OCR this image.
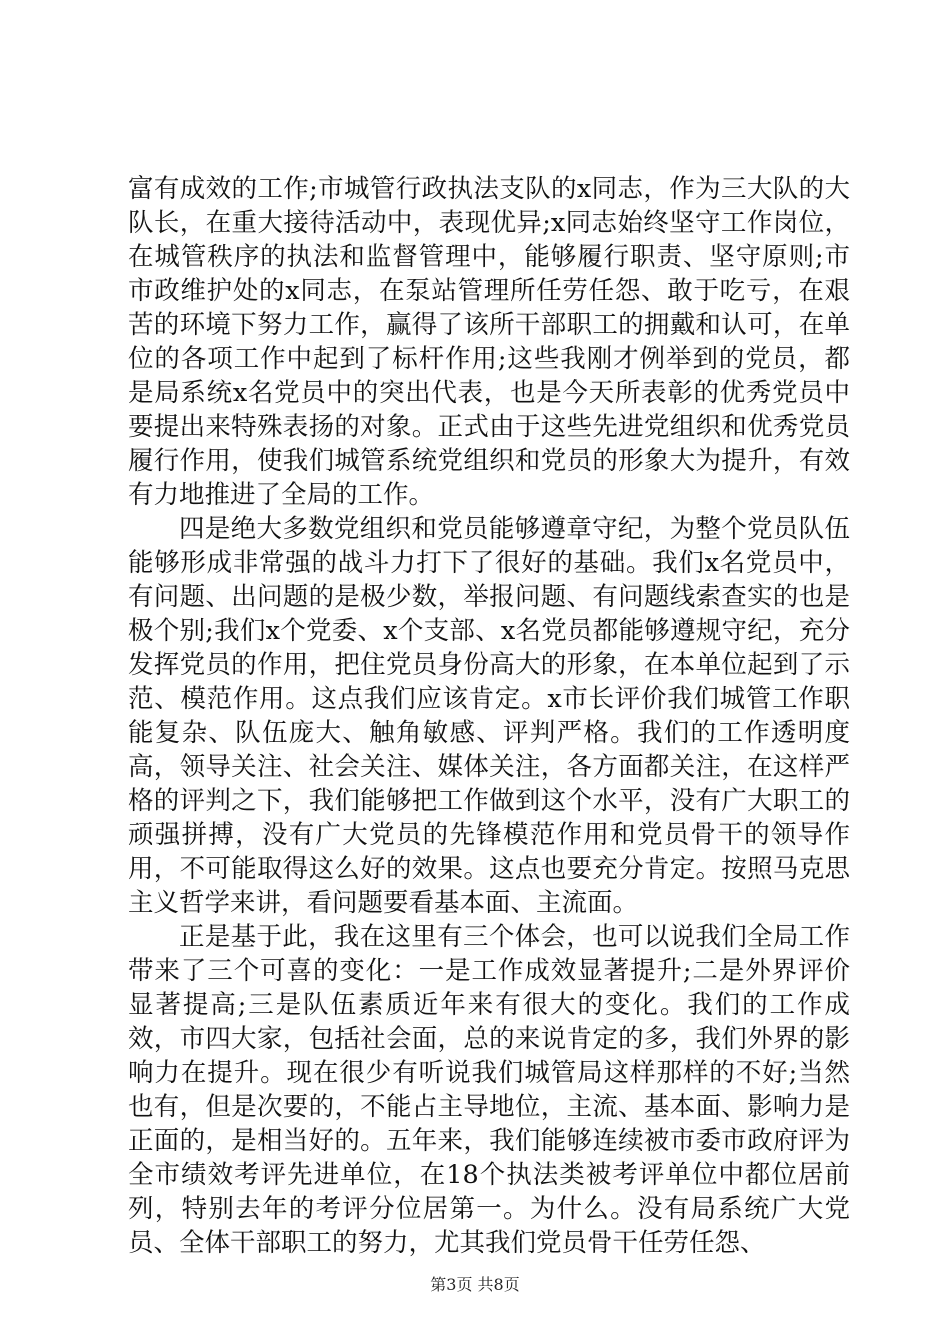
富有成效的工作;市城管行政执法支队的x同志，作为三大队的大队长，在重大接待活动中，表现优异;x同志始终坚守工作岗位，在城管秩序的执法和监督管理中，能够履行职责、坚守原则;市市政维护处的x同志，在泵站管理所任劳任怨、敢于吃亏，在艰苦的环境下努力工作，赢得了该所干部职工的拥戴和认可，在单位的各项工作中起到了标杆作用;这些我刚才例举到的党员，都是局系统x名党员中的突出代表，也是今天所表彰的优秀党员中要提出来特殊表扬的对象。正式由于这些先进党组织和优秀党员履行作用，使我们城管系统党组织和党员的形象大为提升，有效有力地推进了全局的工作。

四是绝大多数党组织和党员能够遵章守纪，为整个党员队伍能够形成非常强的战斗力打下了很好的基础。我们x名党员中，有问题、出问题的是极少数，举报问题、有问题线索查实的也是极个别;我们x个党委、x个支部、x名党员都能够遵规守纪，充分发挥党员的作用，把住党员身份高大的形象，在本单位起到了示范、模范作用。这点我们应该肯定。x市长评价我们城管工作职能复杂、队伍庞大、触角敏感、评判严格。我们的工作透明度高，领导关注、社会关注、媒体关注，各方面都关注，在这样严格的评判之下，我们能够把工作做到这个水平，没有广大职工的顽强拼搏，没有广大党员的先锋模范作用和党员骨干的领导作用，不可能取得这么好的效果。这点也要充分肯定。按照马克思主义哲学来讲，看问题要看基本面、主流面。

正是基于此，我在这里有三个体会，也可以说我们全局工作带来了三个可喜的变化：一是工作成效显著提升;二是外界评价显著提高;三是队伍素质近年来有很大的变化。我们的工作成效，市四大家，包括社会面，总的来说肯定的多，我们外界的影响力在提升。现在很少有听说我们城管局这样那样的不好;当然也有，但是次要的，不能占主导地位，主流、基本面、影响力是正面的，是相当好的。五年来，我们能够连续被市委市政府评为全市绩效考评先进单位，在18个执法类被考评单位中都位居前列，特别去年的考评分位居第一。为什么。没有局系统广大党员、全体干部职工的努力，尤其我们党员骨干任劳任怨、

第3页 共8页
